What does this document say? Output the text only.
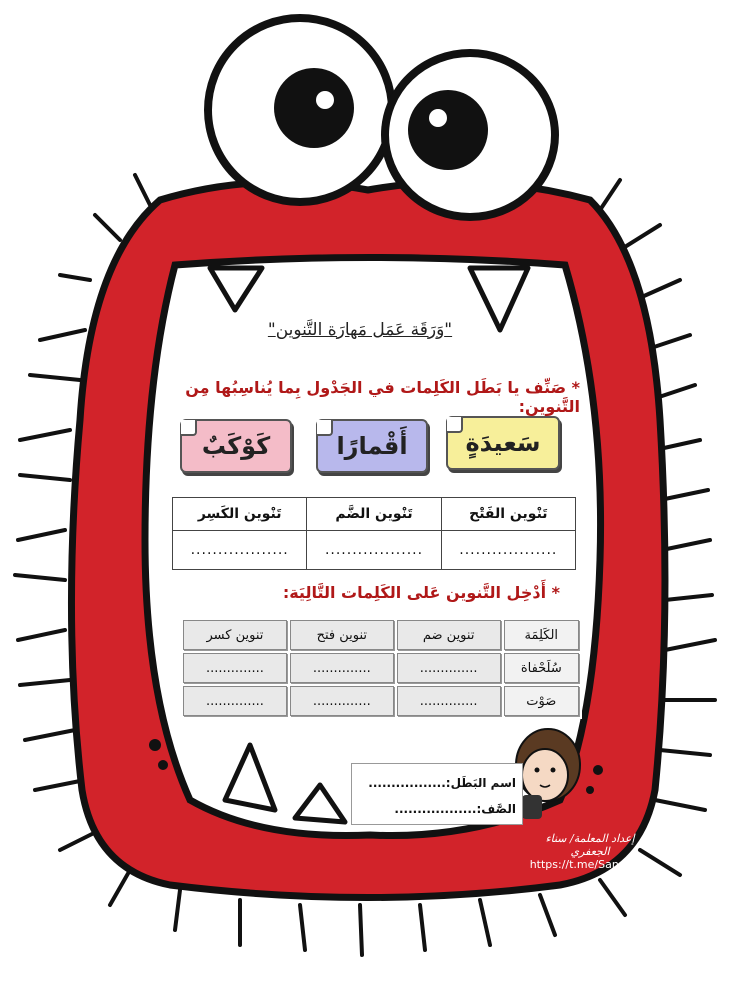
"وَرَقَة عَمَل مَهارَة التَّنوين"
* صَنِّف يا بَطَل الكَلِمات في الجَدْول بِما يُناسِبُها مِن التَّنوين:
سَعيدَةٍ
أَقْمارًا
كَوْكَبٌ
تَنْوين الفَتْح	تَنْوين الضَّم	تَنْوين الكَسِر
..................	..................	..................
* أَدْخِل التَّنوين عَلى الكَلِمات التَّالِيَة:
الكَلِمَة	تنوين ضم	تنوين فتح	تنوين كسر
سُلَحْفاة	..............	..............	..............
صَوْت	..............	..............	..............
اسم البَطَل:.................
الصَّف:..................
إعداد المعلمة/ سناء الجعفري
https://t.me/Sanaa21
